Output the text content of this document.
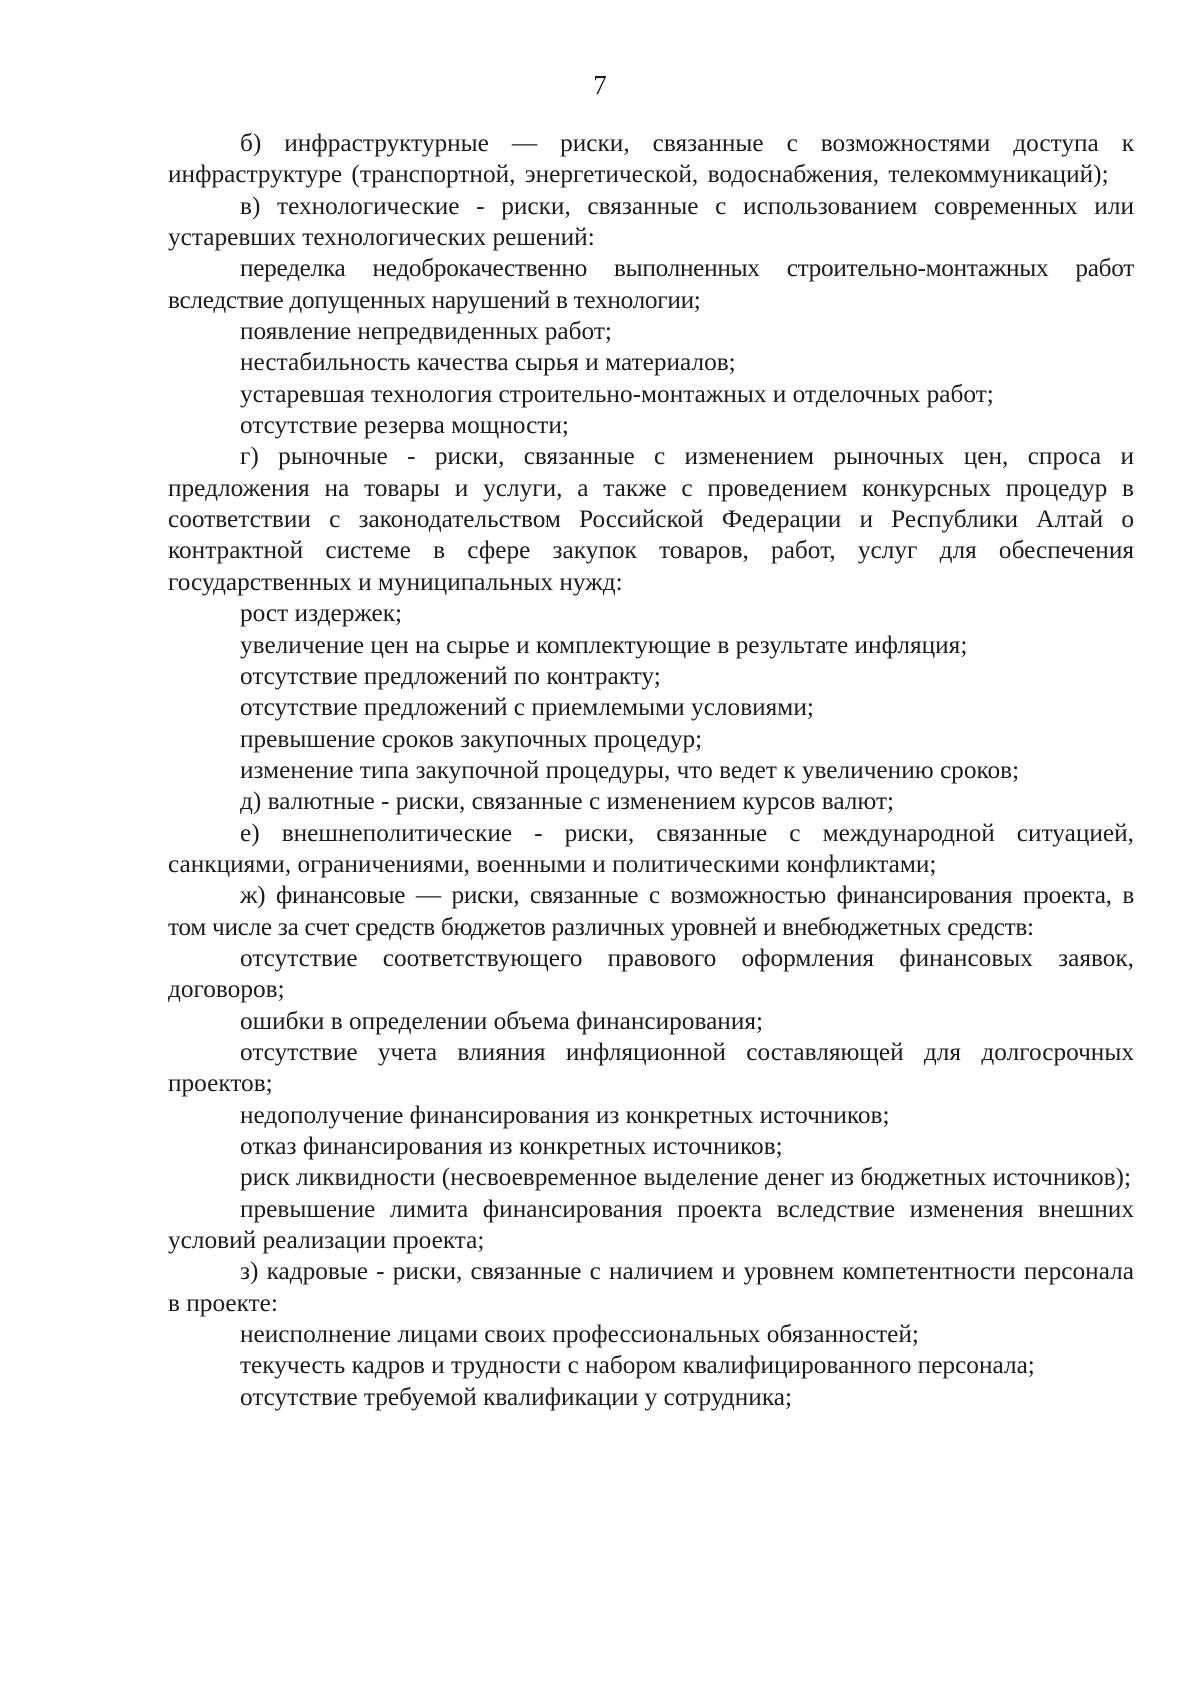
7

б) инфраструктурные — риски, связанные с возможностями доступа к инфраструктуре (транспортной, энергетической, водоснабжения, телекоммуникаций);

в) технологические - риски, связанные с использованием современных или устаревших технологических решений:

переделка недоброкачественно выполненных строительно-монтажных работ вследствие допущенных нарушений в технологии;

появление непредвиденных работ;

нестабильность качества сырья и материалов;

устаревшая технология строительно-монтажных и отделочных работ;

отсутствие резерва мощности;

г) рыночные - риски, связанные с изменением рыночных цен, спроса и предложения на товары и услуги, а также с проведением конкурсных процедур в соответствии с законодательством Российской Федерации и Республики Алтай о контрактной системе в сфере закупок товаров, работ, услуг для обеспечения государственных и муниципальных нужд:

рост издержек;

увеличение цен на сырье и комплектующие в результате инфляция;

отсутствие предложений по контракту;

отсутствие предложений с приемлемыми условиями;

превышение сроков закупочных процедур;

изменение типа закупочной процедуры, что ведет к увеличению сроков;

д) валютные - риски, связанные с изменением курсов валют;

е) внешнеполитические - риски, связанные с международной ситуацией, санкциями, ограничениями, военными и политическими конфликтами;

ж) финансовые — риски, связанные с возможностью финансирования проекта, в том числе за счет средств бюджетов различных уровней и внебюджетных средств:

отсутствие соответствующего правового оформления финансовых заявок, договоров;

ошибки в определении объема финансирования;

отсутствие учета влияния инфляционной составляющей для долгосрочных проектов;

недополучение финансирования из конкретных источников;

отказ финансирования из конкретных источников;

риск ликвидности (несвоевременное выделение денег из бюджетных источников);

превышение лимита финансирования проекта вследствие изменения внешних условий реализации проекта;

з) кадровые - риски, связанные с наличием и уровнем компетентности персонала в проекте:

неисполнение лицами своих профессиональных обязанностей;

текучесть кадров и трудности с набором квалифицированного персонала;

отсутствие требуемой квалификации у сотрудника;
